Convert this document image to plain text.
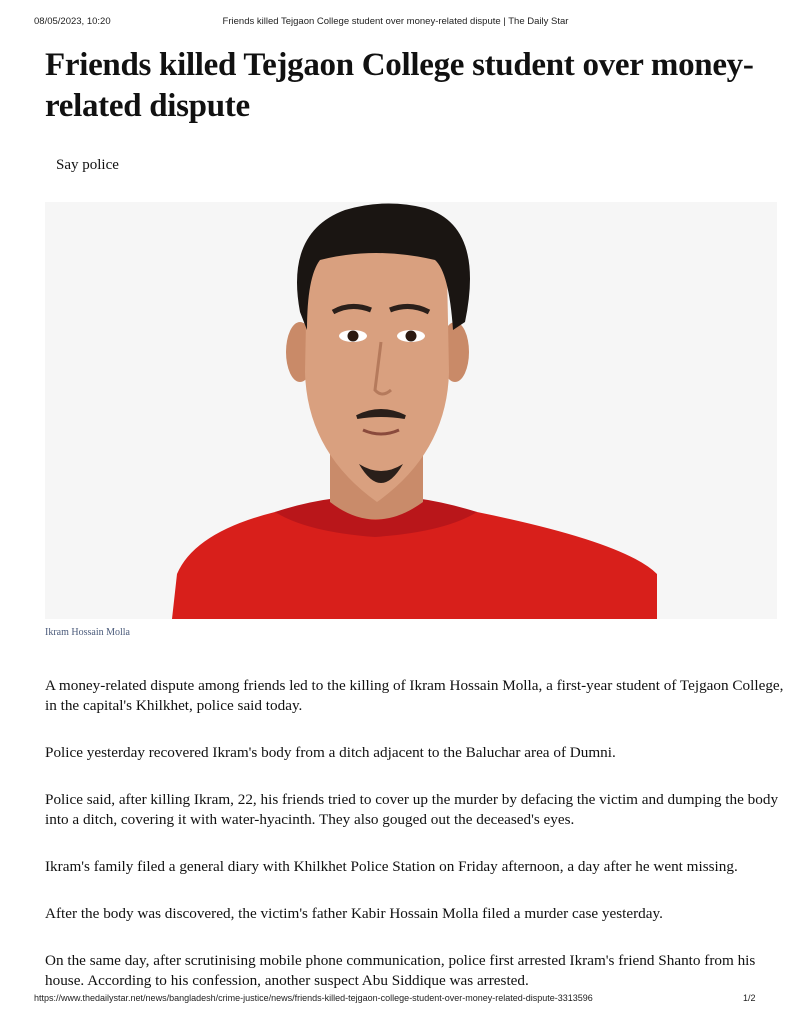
08/05/2023, 10:20	Friends killed Tejgaon College student over money-related dispute | The Daily Star
Friends killed Tejgaon College student over money-related dispute
Say police
Ikram Hossain Molla

A money-related dispute among friends led to the killing of Ikram Hossain Molla, a first-year student of Tejgaon College, in the capital's Khilkhet, police said today.

Police yesterday recovered Ikram's body from a ditch adjacent to the Baluchar area of Dumni.

Police said, after killing Ikram, 22, his friends tried to cover up the murder by defacing the victim and dumping the body into a ditch, covering it with water-hyacinth. They also gouged out the deceased's eyes.

Ikram's family filed a general diary with Khilkhet Police Station on Friday afternoon, a day after he went missing.

After the body was discovered, the victim's father Kabir Hossain Molla filed a murder case yesterday.

On the same day, after scrutinising mobile phone communication, police first arrested Ikram's friend Shanto from his house. According to his confession, another suspect Abu Siddique was arrested.

https://www.thedailystar.net/news/bangladesh/crime-justice/news/friends-killed-tejgaon-college-student-over-money-related-dispute-3313596	1/2
